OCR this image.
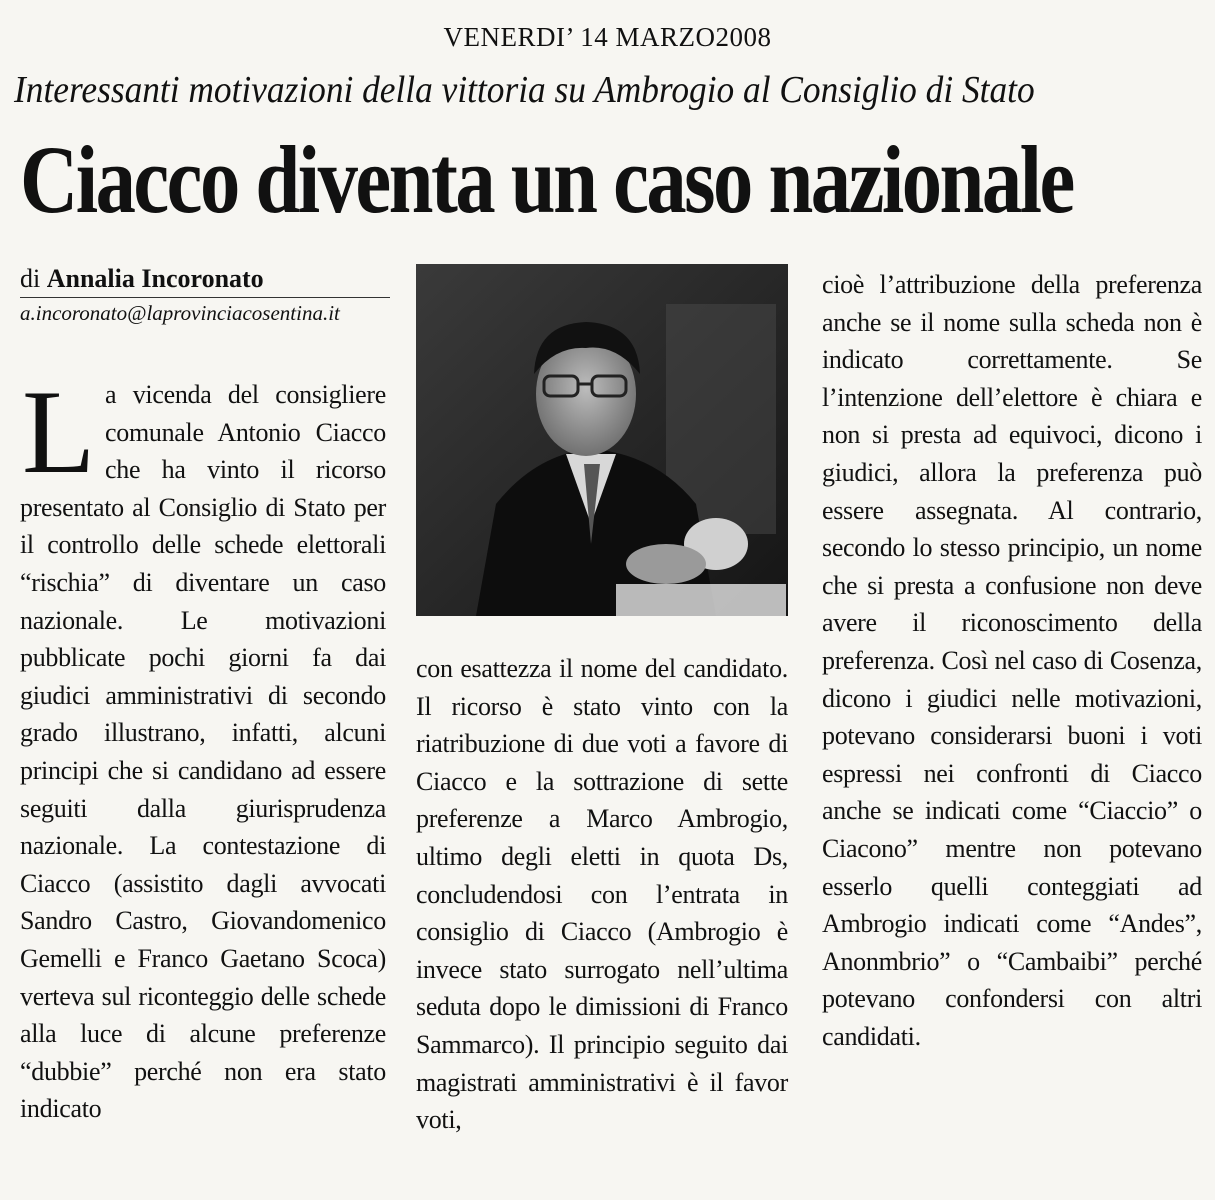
VENERDI’ 14 MARZO2008
Interessanti motivazioni della vittoria su Ambrogio al Consiglio di Stato
Ciacco diventa un caso nazionale
di Annalia Incoronato
a.incoronato@laprovinciacosentina.it
L a vicenda del consigliere comunale Antonio Ciacco che ha vinto il ricorso presentato al Consiglio di Stato per il controllo delle schede elettorali “rischia” di diventare un caso nazionale. Le motivazioni pubblicate pochi giorni fa dai giudici amministrativi di secondo grado illustrano, infatti, alcuni principi che si candidano ad essere seguiti dalla giurisprudenza nazionale. La contestazione di Ciacco (assistito dagli avvocati Sandro Castro, Giovandomenico Gemelli e Franco Gaetano Scoca) verteva sul riconteggio delle schede alla luce di alcune preferenze “dubbie” perché non era stato indicato
con esattezza il nome del candidato. Il ricorso è stato vinto con la riatribuzione di due voti a favore di Ciacco e la sottrazione di sette preferenze a Marco Ambrogio, ultimo degli eletti in quota Ds, concludendosi con l’entrata in consiglio di Ciacco (Ambrogio è invece stato surrogato nell’ultima seduta dopo le dimissioni di Franco Sammarco). Il principio seguito dai magistrati amministrativi è il favor voti,
cioè l’attribuzione della preferenza anche se il nome sulla scheda non è indicato correttamente. Se l’intenzione dell’elettore è chiara e non si presta ad equivoci, dicono i giudici, allora la preferenza può essere assegnata. Al contrario, secondo lo stesso principio, un nome che si presta a confusione non deve avere il riconoscimento della preferenza. Così nel caso di Cosenza, dicono i giudici nelle motivazioni, potevano considerarsi buoni i voti espressi nei confronti di Ciacco anche se indicati come “Ciaccio” o Ciacono” mentre non potevano esserlo quelli conteggiati ad Ambrogio indicati come “Andes”, Anonmbrio” o “Cambaibi” perché potevano confondersi con altri candidati.
